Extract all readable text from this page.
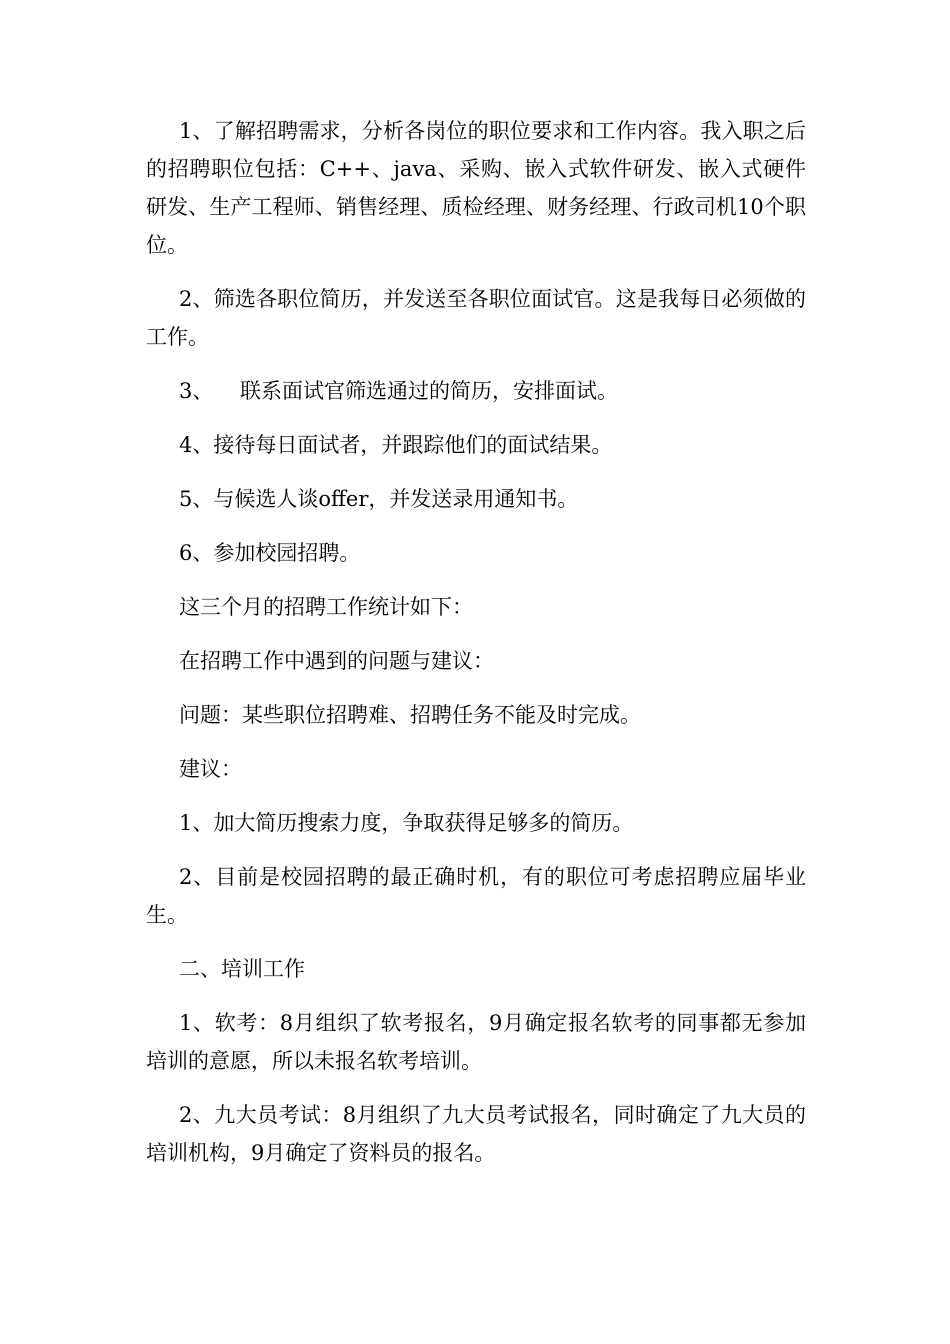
1、了解招聘需求，分析各岗位的职位要求和工作内容。我入职之后的招聘职位包括：C++、java、采购、嵌入式软件研发、嵌入式硬件研发、生产工程师、销售经理、质检经理、财务经理、行政司机10个职位。

2、筛选各职位简历，并发送至各职位面试官。这是我每日必须做的工作。

3、    联系面试官筛选通过的简历，安排面试。

4、接待每日面试者，并跟踪他们的面试结果。

5、与候选人谈offer，并发送录用通知书。

6、参加校园招聘。

这三个月的招聘工作统计如下：

在招聘工作中遇到的问题与建议：

问题：某些职位招聘难、招聘任务不能及时完成。

建议：

1、加大简历搜索力度，争取获得足够多的简历。

2、目前是校园招聘的最正确时机，有的职位可考虑招聘应届毕业生。

二、培训工作

1、软考：8月组织了软考报名，9月确定报名软考的同事都无参加培训的意愿，所以未报名软考培训。

2、九大员考试：8月组织了九大员考试报名，同时确定了九大员的培训机构，9月确定了资料员的报名。
